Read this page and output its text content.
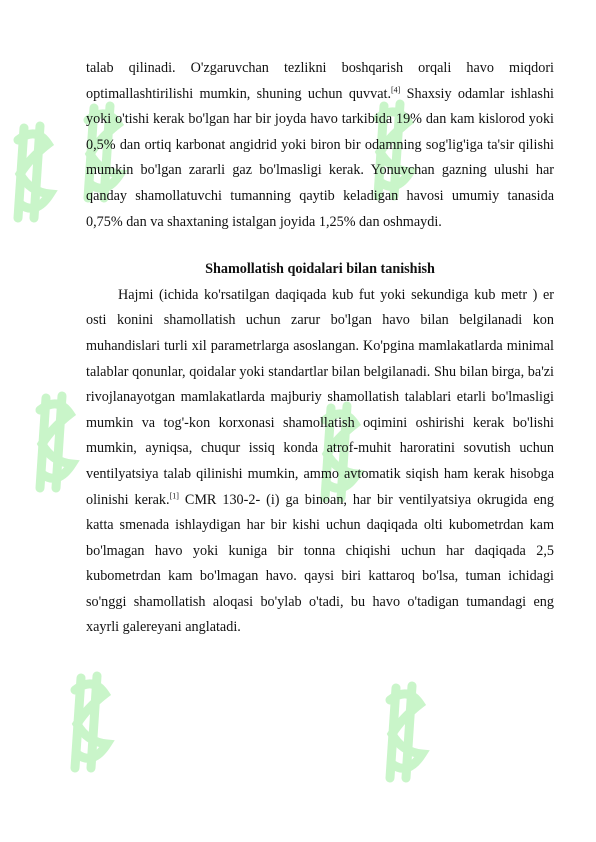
talab qilinadi. O'zgaruvchan tezlikni boshqarish orqali havo miqdori optimallashtirilishi mumkin, shuning uchun quvvat.[4] Shaxsiy odamlar ishlashi yoki o'tishi kerak bo'lgan har bir joyda havo tarkibida 19% dan kam kislorod yoki 0,5% dan ortiq karbonat angidrid yoki biron bir odamning sog'lig'iga ta'sir qilishi mumkin bo'lgan zararli gaz bo'lmasligi kerak. Yonuvchan gazning ulushi har qanday shamollatuvchi tumanning qaytib keladigan havosi umumiy tanasida 0,75% dan va shaxtaning istalgan joyida 1,25% dan oshmaydi.

Shamollatish qoidalari bilan tanishish

Hajmi (ichida ko'rsatilgan daqiqada kub fut yoki sekundiga kub metr ) er osti konini shamollatish uchun zarur bo'lgan havo bilan belgilanadi kon muhandislari turli xil parametrlarga asoslangan. Ko'pgina mamlakatlarda minimal talablar qonunlar, qoidalar yoki standartlar bilan belgilanadi. Shu bilan birga, ba'zi rivojlanayotgan mamlakatlarda majburiy shamollatish talablari etarli bo'lmasligi mumkin va tog'-kon korxonasi shamollatish oqimini oshirishi kerak bo'lishi mumkin, ayniqsa, chuqur issiq konda atrof-muhit haroratini sovutish uchun ventilyatsiya talab qilinishi mumkin, ammo avtomatik siqish ham kerak hisobga olinishi kerak.[1] CMR 130-2- (i) ga binoan, har bir ventilyatsiya okrugida eng katta smenada ishlaydigan har bir kishi uchun daqiqada olti kubometrdan kam bo'lmagan havo yoki kuniga bir tonna chiqishi uchun har daqiqada 2,5 kubometrdan kam bo'lmagan havo. qaysi biri kattaroq bo'lsa, tuman ichidagi so'nggi shamollatish aloqasi bo'ylab o'tadi, bu havo o'tadigan tumandagi eng xayrli galereyani anglatadi.
